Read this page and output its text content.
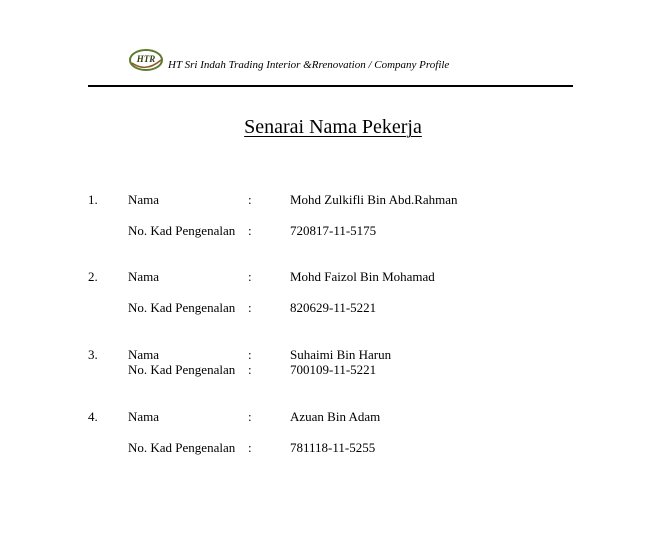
HTR HT Sri Indah Trading Interior &Rrenovation / Company Profile
Senarai Nama Pekerja
1. Nama	:	Mohd Zulkifli Bin Abd.Rahman
No. Kad Pengenalan :	720817-11-5175
2. Nama	:	Mohd Faizol Bin Mohamad
No. Kad Pengenalan :	820629-11-5221
3. Nama	:	Suhaimi Bin Harun
No. Kad Pengenalan :	700109-11-5221
4. Nama	:	Azuan Bin Adam
No. Kad Pengenalan :	781118-11-5255
